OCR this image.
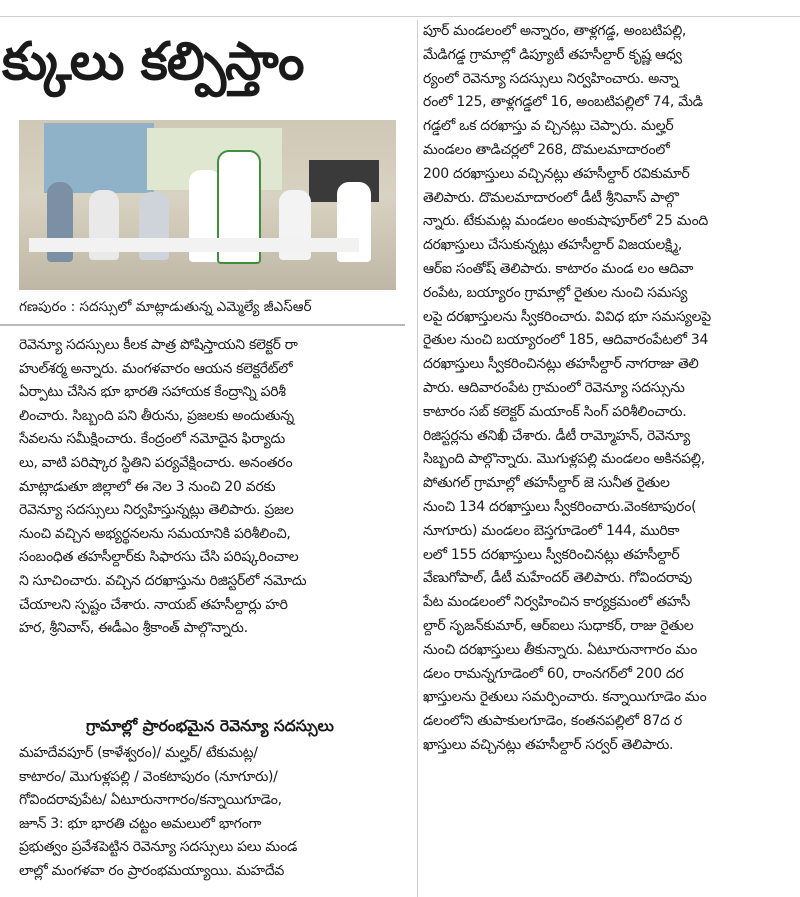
క్కులు కల్పిస్తాం
గణపురం : సదస్సులో మాట్లాడుతున్న ఎమ్మెల్యే జీఎస్ఆర్
రెవెన్యూ సదస్సులు కీలక పాత్ర పోషిస్తాయని కలెక్టర్ రా
హుల్‌శర్మ అన్నారు. మంగళవారం ఆయన కలెక్టరేట్‌లో
ఏర్పాటు చేసిన భూ భారతి సహాయక కేంద్రాన్ని పరిశీ
లించారు. సిబ్బంది పని తీరును, ప్రజలకు అందుతున్న
సేవలను సమీక్షించారు. కేంద్రంలో నమోదైన ఫిర్యాదు
లు, వాటి పరిష్కార స్థితిని పర్యవేక్షించారు. అనంతరం
మాట్లాడుతూ జిల్లాలో ఈ నెల 3 నుంచి 20 వరకు
రెవెన్యూ సదస్సులు నిర్వహిస్తున్నట్లు తెలిపారు. ప్రజల
నుంచి వచ్చిన అభ్యర్థనలను సమయానికి పరిశీలించి,
సంబంధిత తహసీల్దార్‌కు సిఫారసు చేసి పరిష్కరించాల
ని సూచించారు. వచ్చిన దరఖాస్తును రిజిస్టర్‌లో నమోదు
చేయాలని స్పష్టం చేశారు. నాయబ్ తహసీల్దార్లు హరి
హర, శ్రీనివాస్, ఈడీఎం శ్రీకాంత్ పాల్గొన్నారు.
గ్రామాల్లో ప్రారంభమైన రెవెన్యూ సదస్సులు
మహదేవపూర్ (కాళేశ్వరం)/ మల్హర్/ టేకుమట్ల/
కాటారం/ మొగుళ్లపల్లి / వెంకటాపురం (నూగూరు)/
గోవిందరావుపేట/ ఏటూరునాగారం/కన్నాయిగూడెం,
జూన్ 3: భూ భారతి చట్టం అమలులో భాగంగా
ప్రభుత్వం ప్రవేశపెట్టిన రెవెన్యూ సదస్సులు పలు మండ
లాల్లో మంగళవా రం ప్రారంభమయ్యాయి. మహదేవ
పూర్ మండలంలో అన్నారం, తాళ్లగడ్డ, అంబటిపల్లి,
మేడిగడ్డ గ్రామాల్లో డిప్యూటీ తహసీల్దార్ కృష్ణ ఆధ్వ
ర్యంలో రెవెన్యూ సదస్సులు నిర్వహించారు. అన్నా
రంలో 125, తాళ్లగడ్డలో 16, అంబటిపల్లిలో 74, మేడి
గడ్డలో ఒక దరఖాస్తు వ చ్చినట్లు చెప్పారు. మల్హర్
మండలం తాడిచర్లలో 268, దొమలమాదారంలో
200 దరఖాస్తులు వచ్చినట్లు తహసీల్దార్ రవికుమార్
తెలిపారు. దొమలమాదారంలో డీటీ శ్రీనివాస్ పాల్గొ
న్నారు. టేకుమట్ల మండలం అంకుషాపూర్‌లో 25 మంది
దరఖాస్తులు చేసుకున్నట్లు తహసీల్దార్ విజయలక్ష్మి,
ఆర్ఐ సంతోష్ తెలిపారు. కాటారం మండ లం ఆదివా
రంపేట, బయ్యారం గ్రామాల్లో రైతుల నుంచి సమస్య
లపై దరఖాస్తులను స్వీకరించారు. వివిధ భూ సమస్యలపై
రైతుల నుంచి బయ్యారంలో 185, ఆదివారంపేటలో 34
దరఖాస్తులు స్వీకరించినట్లు తహసీల్దార్ నాగరాజు తెలి
పారు. ఆదివారంపేట గ్రామంలో రెవెన్యూ సదస్సును
కాటారం సబ్ కలెక్టర్ మయాంక్ సింగ్ పరిశీలించారు.
రిజిస్టర్లను తనిఖీ చేశారు. డీటీ రామ్మోహన్, రెవెన్యూ
సిబ్బంది పాల్గొన్నారు. మొగుళ్లపల్లి మండలం అకినపల్లి,
పోతుగల్ గ్రామాల్లో తహసీల్దార్ జె సునీత రైతుల
నుంచి 134 దరఖాస్తులు స్వీకరించారు.వెంకటాపురం(
నూగూరు) మండలం బెస్తగూడెంలో 144, మురికా
లలో 155 దరఖాస్తులు స్వీకరించినట్లు తహసీల్దార్
వేణుగోపాల్, డీటీ మహేందర్ తెలిపారు. గోవిందరావు
పేట మండలంలో నిర్వహించిన కార్యక్రమంలో తహసీ
ల్దార్ సృజన్‌కుమార్, ఆర్ఐలు సుధాకర్, రాజు రైతుల
నుంచి దరఖాస్తులు తీకున్నారు. ఏటూరునాగారం మం
డలం రామన్నగూడెంలో 60, రాంనగర్‌లో 200 దర
ఖాస్తులను రైతులు సమర్పించారు. కన్నాయిగూడెం మం
డలంలోని తుపాకులగూడెం, కంతనపల్లిలో 87ద ర
ఖాస్తులు వచ్చినట్లు తహసీల్దార్ సర్వర్ తెలిపారు.
